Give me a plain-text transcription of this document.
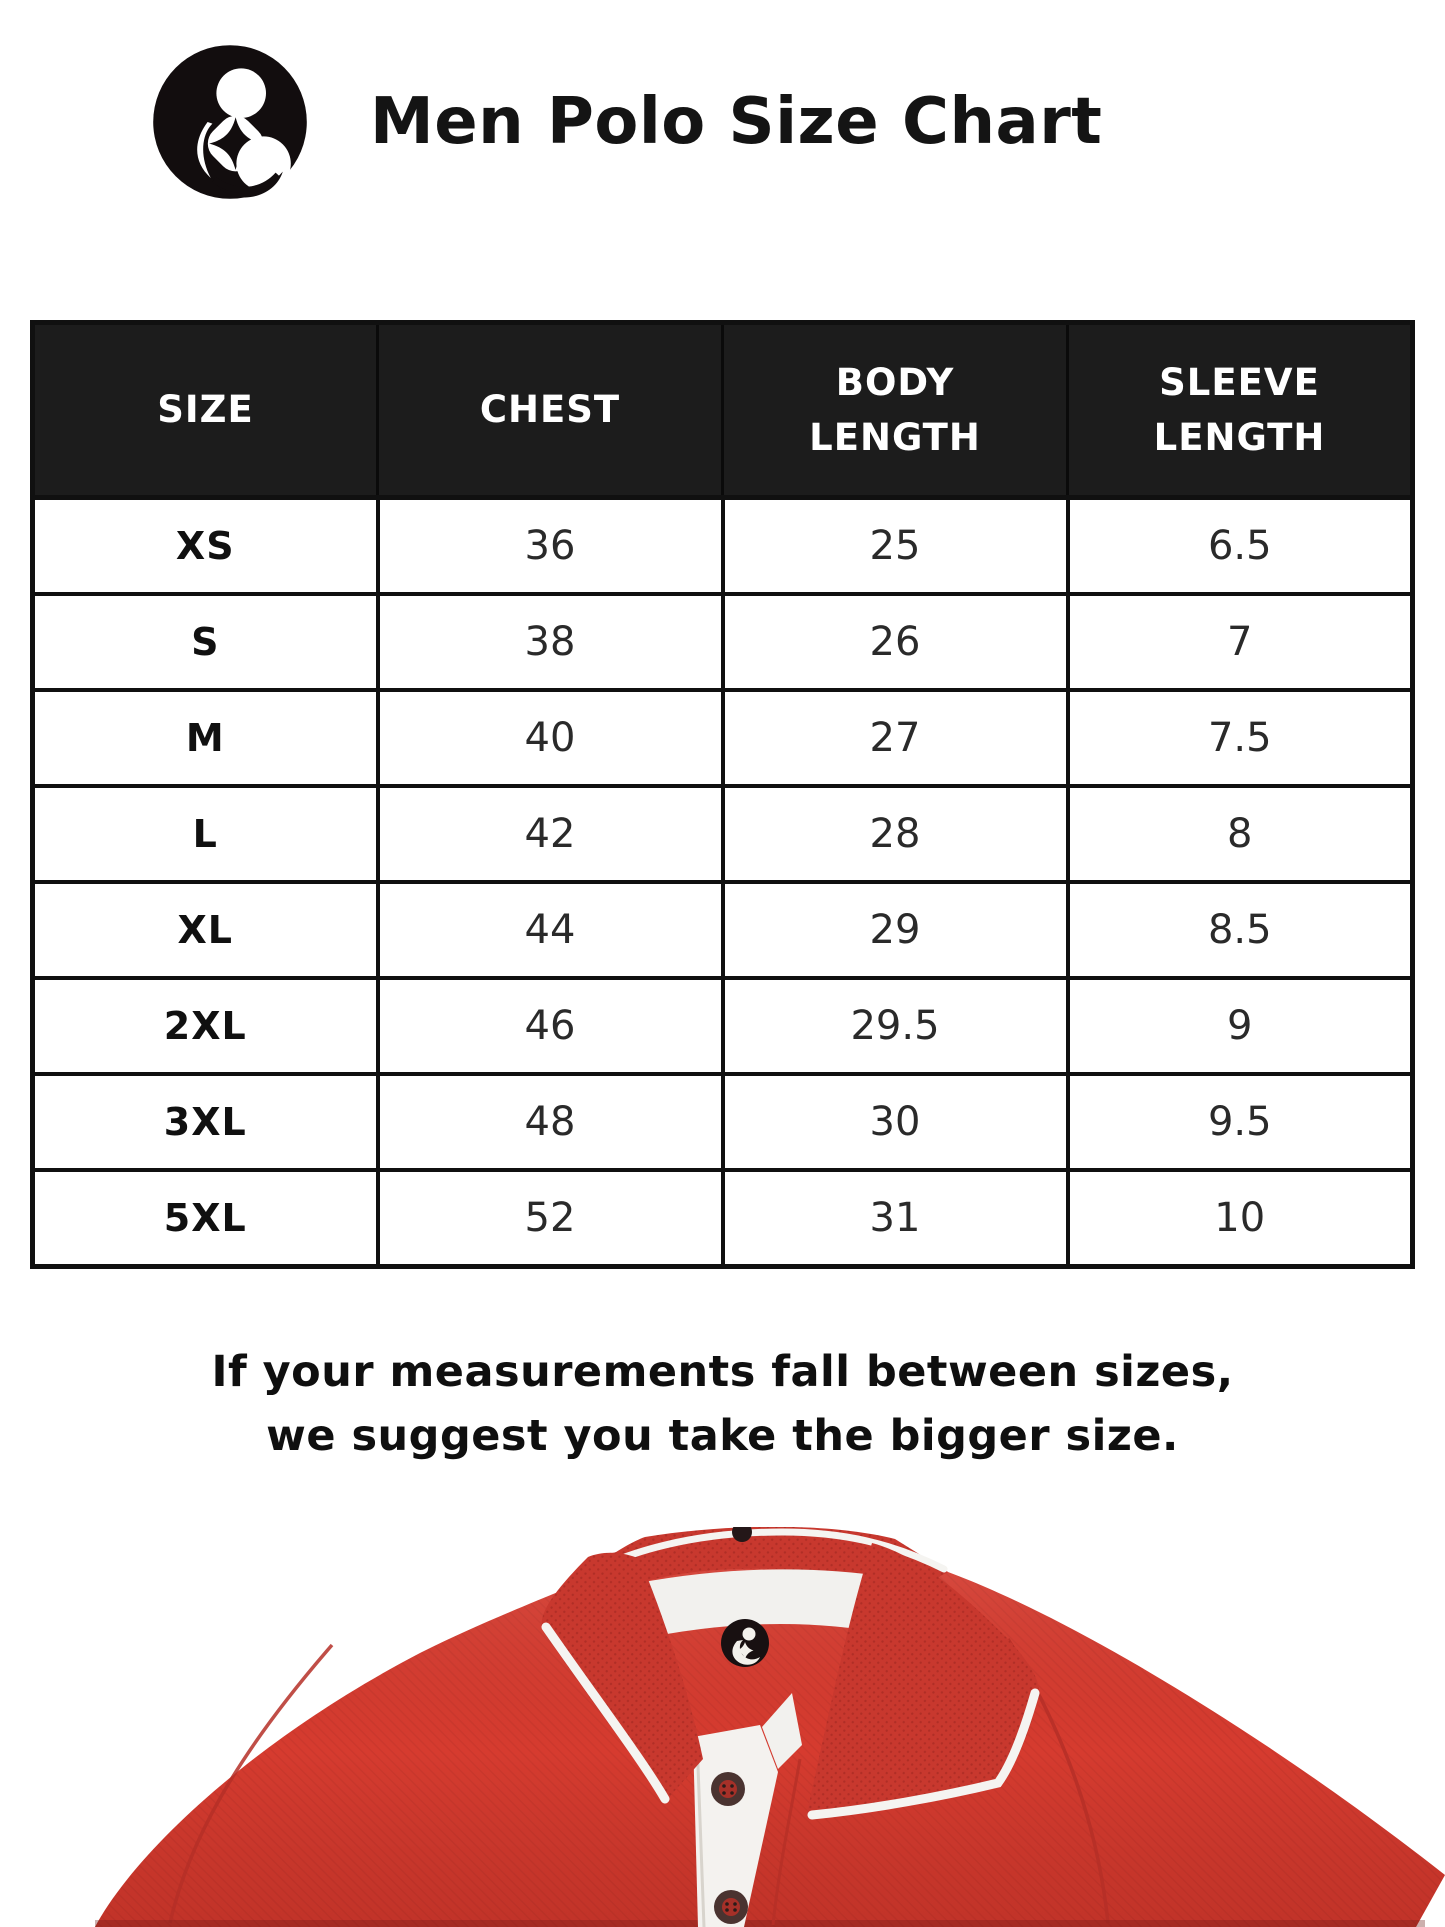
Men Polo Size Chart
SIZE	CHEST	BODY LENGTH	SLEEVE LENGTH

XS	36	25	6.5
S	38	26	7
M	40	27	7.5
L	42	28	8
XL	44	29	8.5
2XL	46	29.5	9
3XL	48	30	9.5
5XL	52	31	10
If your measurements fall between sizes,
we suggest you take the bigger size.
